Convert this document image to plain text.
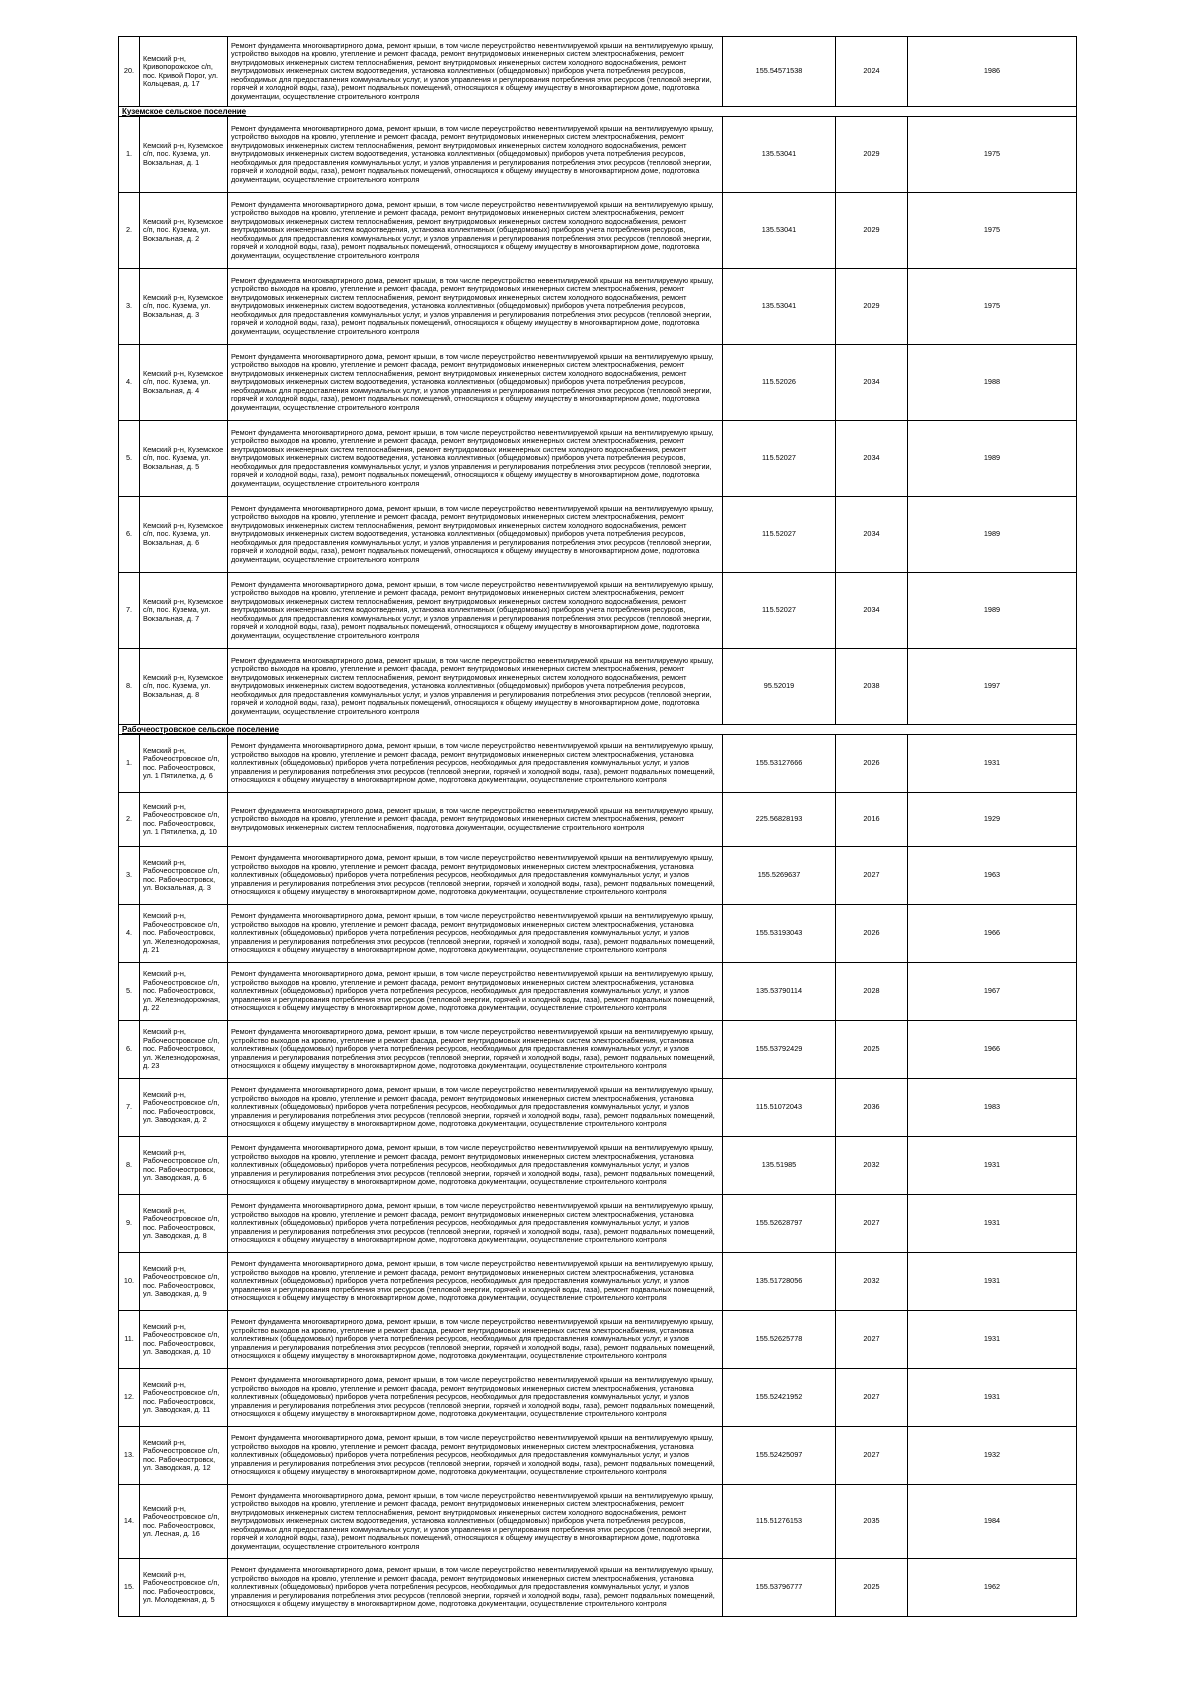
20.	Кемский р-н, Кривопорожское с/п, пос. Кривой Порог, ул. Кольцевая, д. 17	Ремонт фундамента многоквартирного дома, ремонт крыши, в том числе переустройство невентилируемой крыши на вентилируемую крышу, устройство выходов на кровлю, утепление и ремонт фасада, ремонт внутридомовых инженерных систем электроснабжения, ремонт внутридомовых инженерных систем теплоснабжения, ремонт внутридомовых инженерных систем холодного водоснабжения, ремонт внутридомовых инженерных систем водоотведения, установка коллективных (общедомовых) приборов учета потребления ресурсов, необходимых для предоставления коммунальных услуг, и узлов управления и регулирования потребления этих ресурсов (тепловой энергии, горячей и холодной воды, газа), ремонт подвальных помещений, относящихся к общему имуществу в многоквартирном доме, подготовка документации, осуществление строительного контроля	155.54571538	2024	1986
Куземское сельское поселение					
1.	Кемский р-н, Куземское с/п, пос. Кузема, ул. Вокзальная, д. 1	Ремонт фундамента многоквартирного дома, ремонт крыши, в том числе переустройство невентилируемой крыши на вентилируемую крышу, устройство выходов на кровлю, утепление и ремонт фасада, ремонт внутридомовых инженерных систем электроснабжения, ремонт внутридомовых инженерных систем теплоснабжения, ремонт внутридомовых инженерных систем холодного водоснабжения, ремонт внутридомовых инженерных систем водоотведения, установка коллективных (общедомовых) приборов учета потребления ресурсов, необходимых для предоставления коммунальных услуг, и узлов управления и регулирования потребления этих ресурсов (тепловой энергии, горячей и холодной воды, газа), ремонт подвальных помещений, относящихся к общему имуществу в многоквартирном доме, подготовка документации, осуществление строительного контроля	135.53041	2029	1975
2.	Кемский р-н, Куземское с/п, пос. Кузема, ул. Вокзальная, д. 2	Ремонт фундамента многоквартирного дома, ремонт крыши, в том числе переустройство невентилируемой крыши на вентилируемую крышу, устройство выходов на кровлю, утепление и ремонт фасада, ремонт внутридомовых инженерных систем электроснабжения, ремонт внутридомовых инженерных систем теплоснабжения, ремонт внутридомовых инженерных систем холодного водоснабжения, ремонт внутридомовых инженерных систем водоотведения, установка коллективных (общедомовых) приборов учета потребления ресурсов, необходимых для предоставления коммунальных услуг, и узлов управления и регулирования потребления этих ресурсов (тепловой энергии, горячей и холодной воды, газа), ремонт подвальных помещений, относящихся к общему имуществу в многоквартирном доме, подготовка документации, осуществление строительного контроля	135.53041	2029	1975
3.	Кемский р-н, Куземское с/п, пос. Кузема, ул. Вокзальная, д. 3	Ремонт фундамента многоквартирного дома, ремонт крыши, в том числе переустройство невентилируемой крыши на вентилируемую крышу, устройство выходов на кровлю, утепление и ремонт фасада, ремонт внутридомовых инженерных систем электроснабжения, ремонт внутридомовых инженерных систем теплоснабжения, ремонт внутридомовых инженерных систем холодного водоснабжения, ремонт внутридомовых инженерных систем водоотведения, установка коллективных (общедомовых) приборов учета потребления ресурсов, необходимых для предоставления коммунальных услуг, и узлов управления и регулирования потребления этих ресурсов (тепловой энергии, горячей и холодной воды, газа), ремонт подвальных помещений, относящихся к общему имуществу в многоквартирном доме, подготовка документации, осуществление строительного контроля	135.53041	2029	1975
4.	Кемский р-н, Куземское с/п, пос. Кузема, ул. Вокзальная, д. 4	Ремонт фундамента многоквартирного дома, ремонт крыши, в том числе переустройство невентилируемой крыши на вентилируемую крышу, устройство выходов на кровлю, утепление и ремонт фасада, ремонт внутридомовых инженерных систем электроснабжения, ремонт внутридомовых инженерных систем теплоснабжения, ремонт внутридомовых инженерных систем холодного водоснабжения, ремонт внутридомовых инженерных систем водоотведения, установка коллективных (общедомовых) приборов учета потребления ресурсов, необходимых для предоставления коммунальных услуг, и узлов управления и регулирования потребления этих ресурсов (тепловой энергии, горячей и холодной воды, газа), ремонт подвальных помещений, относящихся к общему имуществу в многоквартирном доме, подготовка документации, осуществление строительного контроля	115.52026	2034	1988
5.	Кемский р-н, Куземское с/п, пос. Кузема, ул. Вокзальная, д. 5	Ремонт фундамента многоквартирного дома, ремонт крыши, в том числе переустройство невентилируемой крыши на вентилируемую крышу, устройство выходов на кровлю, утепление и ремонт фасада, ремонт внутридомовых инженерных систем электроснабжения, ремонт внутридомовых инженерных систем теплоснабжения, ремонт внутридомовых инженерных систем холодного водоснабжения, ремонт внутридомовых инженерных систем водоотведения, установка коллективных (общедомовых) приборов учета потребления ресурсов, необходимых для предоставления коммунальных услуг, и узлов управления и регулирования потребления этих ресурсов (тепловой энергии, горячей и холодной воды, газа), ремонт подвальных помещений, относящихся к общему имуществу в многоквартирном доме, подготовка документации, осуществление строительного контроля	115.52027	2034	1989
6.	Кемский р-н, Куземское с/п, пос. Кузема, ул. Вокзальная, д. 6	Ремонт фундамента многоквартирного дома, ремонт крыши, в том числе переустройство невентилируемой крыши на вентилируемую крышу, устройство выходов на кровлю, утепление и ремонт фасада, ремонт внутридомовых инженерных систем электроснабжения, ремонт внутридомовых инженерных систем теплоснабжения, ремонт внутридомовых инженерных систем холодного водоснабжения, ремонт внутридомовых инженерных систем водоотведения, установка коллективных (общедомовых) приборов учета потребления ресурсов, необходимых для предоставления коммунальных услуг, и узлов управления и регулирования потребления этих ресурсов (тепловой энергии, горячей и холодной воды, газа), ремонт подвальных помещений, относящихся к общему имуществу в многоквартирном доме, подготовка документации, осуществление строительного контроля	115.52027	2034	1989
7.	Кемский р-н, Куземское с/п, пос. Кузема, ул. Вокзальная, д. 7	Ремонт фундамента многоквартирного дома, ремонт крыши, в том числе переустройство невентилируемой крыши на вентилируемую крышу, устройство выходов на кровлю, утепление и ремонт фасада, ремонт внутридомовых инженерных систем электроснабжения, ремонт внутридомовых инженерных систем теплоснабжения, ремонт внутридомовых инженерных систем холодного водоснабжения, ремонт внутридомовых инженерных систем водоотведения, установка коллективных (общедомовых) приборов учета потребления ресурсов, необходимых для предоставления коммунальных услуг, и узлов управления и регулирования потребления этих ресурсов (тепловой энергии, горячей и холодной воды, газа), ремонт подвальных помещений, относящихся к общему имуществу в многоквартирном доме, подготовка документации, осуществление строительного контроля	115.52027	2034	1989
8.	Кемский р-н, Куземское с/п, пос. Кузема, ул. Вокзальная, д. 8	Ремонт фундамента многоквартирного дома, ремонт крыши, в том числе переустройство невентилируемой крыши на вентилируемую крышу, устройство выходов на кровлю, утепление и ремонт фасада, ремонт внутридомовых инженерных систем электроснабжения, ремонт внутридомовых инженерных систем теплоснабжения, ремонт внутридомовых инженерных систем холодного водоснабжения, ремонт внутридомовых инженерных систем водоотведения, установка коллективных (общедомовых) приборов учета потребления ресурсов, необходимых для предоставления коммунальных услуг, и узлов управления и регулирования потребления этих ресурсов (тепловой энергии, горячей и холодной воды, газа), ремонт подвальных помещений, относящихся к общему имуществу в многоквартирном доме, подготовка документации, осуществление строительного контроля	95.52019	2038	1997
Рабочеостровское сельское поселение					
1.	Кемский р-н, Рабочеостровское с/п, пос. Рабочеостровск, ул. 1 Пятилетка, д. 6	Ремонт фундамента многоквартирного дома, ремонт крыши, в том числе переустройство невентилируемой крыши на вентилируемую крышу, устройство выходов на кровлю, утепление и ремонт фасада, ремонт внутридомовых инженерных систем электроснабжения, установка коллективных (общедомовых) приборов учета потребления ресурсов, необходимых для предоставления коммунальных услуг, и узлов управления и регулирования потребления этих ресурсов (тепловой энергии, горячей и холодной воды, газа), ремонт подвальных помещений, относящихся к общему имуществу в многоквартирном доме, подготовка документации, осуществление строительного контроля	155.53127666	2026	1931
2.	Кемский р-н, Рабочеостровское с/п, пос. Рабочеостровск, ул. 1 Пятилетка, д. 10	Ремонт фундамента многоквартирного дома, ремонт крыши, в том числе переустройство невентилируемой крыши на вентилируемую крышу, устройство выходов на кровлю, утепление и ремонт фасада, ремонт внутридомовых инженерных систем электроснабжения, ремонт внутридомовых инженерных систем теплоснабжения, подготовка документации, осуществление строительного контроля	225.56828193	2016	1929
3.	Кемский р-н, Рабочеостровское с/п, пос. Рабочеостровск, ул. Вокзальная, д. 3	Ремонт фундамента многоквартирного дома, ремонт крыши, в том числе переустройство невентилируемой крыши на вентилируемую крышу, устройство выходов на кровлю, утепление и ремонт фасада, ремонт внутридомовых инженерных систем электроснабжения, установка коллективных (общедомовых) приборов учета потребления ресурсов, необходимых для предоставления коммунальных услуг, и узлов управления и регулирования потребления этих ресурсов (тепловой энергии, горячей и холодной воды, газа), ремонт подвальных помещений, относящихся к общему имуществу в многоквартирном доме, подготовка документации, осуществление строительного контроля	155.5269637	2027	1963
4.	Кемский р-н, Рабочеостровское с/п, пос. Рабочеостровск, ул. Железнодорожная, д. 21	Ремонт фундамента многоквартирного дома, ремонт крыши, в том числе переустройство невентилируемой крыши на вентилируемую крышу, устройство выходов на кровлю, утепление и ремонт фасада, ремонт внутридомовых инженерных систем электроснабжения, установка коллективных (общедомовых) приборов учета потребления ресурсов, необходимых для предоставления коммунальных услуг, и узлов управления и регулирования потребления этих ресурсов (тепловой энергии, горячей и холодной воды, газа), ремонт подвальных помещений, относящихся к общему имуществу в многоквартирном доме, подготовка документации, осуществление строительного контроля	155.53193043	2026	1966
5.	Кемский р-н, Рабочеостровское с/п, пос. Рабочеостровск, ул. Железнодорожная, д. 22	Ремонт фундамента многоквартирного дома, ремонт крыши, в том числе переустройство невентилируемой крыши на вентилируемую крышу, устройство выходов на кровлю, утепление и ремонт фасада, ремонт внутридомовых инженерных систем электроснабжения, установка коллективных (общедомовых) приборов учета потребления ресурсов, необходимых для предоставления коммунальных услуг, и узлов управления и регулирования потребления этих ресурсов (тепловой энергии, горячей и холодной воды, газа), ремонт подвальных помещений, относящихся к общему имуществу в многоквартирном доме, подготовка документации, осуществление строительного контроля	135.53790114	2028	1967
6.	Кемский р-н, Рабочеостровское с/п, пос. Рабочеостровск, ул. Железнодорожная, д. 23	Ремонт фундамента многоквартирного дома, ремонт крыши, в том числе переустройство невентилируемой крыши на вентилируемую крышу, устройство выходов на кровлю, утепление и ремонт фасада, ремонт внутридомовых инженерных систем электроснабжения, установка коллективных (общедомовых) приборов учета потребления ресурсов, необходимых для предоставления коммунальных услуг, и узлов управления и регулирования потребления этих ресурсов (тепловой энергии, горячей и холодной воды, газа), ремонт подвальных помещений, относящихся к общему имуществу в многоквартирном доме, подготовка документации, осуществление строительного контроля	155.53792429	2025	1966
7.	Кемский р-н, Рабочеостровское с/п, пос. Рабочеостровск, ул. Заводская, д. 2	Ремонт фундамента многоквартирного дома, ремонт крыши, в том числе переустройство невентилируемой крыши на вентилируемую крышу, устройство выходов на кровлю, утепление и ремонт фасада, ремонт внутридомовых инженерных систем электроснабжения, установка коллективных (общедомовых) приборов учета потребления ресурсов, необходимых для предоставления коммунальных услуг, и узлов управления и регулирования потребления этих ресурсов (тепловой энергии, горячей и холодной воды, газа), ремонт подвальных помещений, относящихся к общему имуществу в многоквартирном доме, подготовка документации, осуществление строительного контроля	115.51072043	2036	1983
8.	Кемский р-н, Рабочеостровское с/п, пос. Рабочеостровск, ул. Заводская, д. 6	Ремонт фундамента многоквартирного дома, ремонт крыши, в том числе переустройство невентилируемой крыши на вентилируемую крышу, устройство выходов на кровлю, утепление и ремонт фасада, ремонт внутридомовых инженерных систем электроснабжения, установка коллективных (общедомовых) приборов учета потребления ресурсов, необходимых для предоставления коммунальных услуг, и узлов управления и регулирования потребления этих ресурсов (тепловой энергии, горячей и холодной воды, газа), ремонт подвальных помещений, относящихся к общему имуществу в многоквартирном доме, подготовка документации, осуществление строительного контроля	135.51985	2032	1931
9.	Кемский р-н, Рабочеостровское с/п, пос. Рабочеостровск, ул. Заводская, д. 8	Ремонт фундамента многоквартирного дома, ремонт крыши, в том числе переустройство невентилируемой крыши на вентилируемую крышу, устройство выходов на кровлю, утепление и ремонт фасада, ремонт внутридомовых инженерных систем электроснабжения, установка коллективных (общедомовых) приборов учета потребления ресурсов, необходимых для предоставления коммунальных услуг, и узлов управления и регулирования потребления этих ресурсов (тепловой энергии, горячей и холодной воды, газа), ремонт подвальных помещений, относящихся к общему имуществу в многоквартирном доме, подготовка документации, осуществление строительного контроля	155.52628797	2027	1931
10.	Кемский р-н, Рабочеостровское с/п, пос. Рабочеостровск, ул. Заводская, д. 9	Ремонт фундамента многоквартирного дома, ремонт крыши, в том числе переустройство невентилируемой крыши на вентилируемую крышу, устройство выходов на кровлю, утепление и ремонт фасада, ремонт внутридомовых инженерных систем электроснабжения, установка коллективных (общедомовых) приборов учета потребления ресурсов, необходимых для предоставления коммунальных услуг, и узлов управления и регулирования потребления этих ресурсов (тепловой энергии, горячей и холодной воды, газа), ремонт подвальных помещений, относящихся к общему имуществу в многоквартирном доме, подготовка документации, осуществление строительного контроля	135.51728056	2032	1931
11.	Кемский р-н, Рабочеостровское с/п, пос. Рабочеостровск, ул. Заводская, д. 10	Ремонт фундамента многоквартирного дома, ремонт крыши, в том числе переустройство невентилируемой крыши на вентилируемую крышу, устройство выходов на кровлю, утепление и ремонт фасада, ремонт внутридомовых инженерных систем электроснабжения, установка коллективных (общедомовых) приборов учета потребления ресурсов, необходимых для предоставления коммунальных услуг, и узлов управления и регулирования потребления этих ресурсов (тепловой энергии, горячей и холодной воды, газа), ремонт подвальных помещений, относящихся к общему имуществу в многоквартирном доме, подготовка документации, осуществление строительного контроля	155.52625778	2027	1931
12.	Кемский р-н, Рабочеостровское с/п, пос. Рабочеостровск, ул. Заводская, д. 11	Ремонт фундамента многоквартирного дома, ремонт крыши, в том числе переустройство невентилируемой крыши на вентилируемую крышу, устройство выходов на кровлю, утепление и ремонт фасада, ремонт внутридомовых инженерных систем электроснабжения, установка коллективных (общедомовых) приборов учета потребления ресурсов, необходимых для предоставления коммунальных услуг, и узлов управления и регулирования потребления этих ресурсов (тепловой энергии, горячей и холодной воды, газа), ремонт подвальных помещений, относящихся к общему имуществу в многоквартирном доме, подготовка документации, осуществление строительного контроля	155.52421952	2027	1931
13.	Кемский р-н, Рабочеостровское с/п, пос. Рабочеостровск, ул. Заводская, д. 12	Ремонт фундамента многоквартирного дома, ремонт крыши, в том числе переустройство невентилируемой крыши на вентилируемую крышу, устройство выходов на кровлю, утепление и ремонт фасада, ремонт внутридомовых инженерных систем электроснабжения, установка коллективных (общедомовых) приборов учета потребления ресурсов, необходимых для предоставления коммунальных услуг, и узлов управления и регулирования потребления этих ресурсов (тепловой энергии, горячей и холодной воды, газа), ремонт подвальных помещений, относящихся к общему имуществу в многоквартирном доме, подготовка документации, осуществление строительного контроля	155.52425097	2027	1932
14.	Кемский р-н, Рабочеостровское с/п, пос. Рабочеостровск, ул. Лесная, д. 16	Ремонт фундамента многоквартирного дома, ремонт крыши, в том числе переустройство невентилируемой крыши на вентилируемую крышу, устройство выходов на кровлю, утепление и ремонт фасада, ремонт внутридомовых инженерных систем электроснабжения, ремонт внутридомовых инженерных систем теплоснабжения, ремонт внутридомовых инженерных систем холодного водоснабжения, ремонт внутридомовых инженерных систем водоотведения, установка коллективных (общедомовых) приборов учета потребления ресурсов, необходимых для предоставления коммунальных услуг, и узлов управления и регулирования потребления этих ресурсов (тепловой энергии, горячей и холодной воды, газа), ремонт подвальных помещений, относящихся к общему имуществу в многоквартирном доме, подготовка документации, осуществление строительного контроля	115.51276153	2035	1984
15.	Кемский р-н, Рабочеостровское с/п, пос. Рабочеостровск, ул. Молодежная, д. 5	Ремонт фундамента многоквартирного дома, ремонт крыши, в том числе переустройство невентилируемой крыши на вентилируемую крышу, устройство выходов на кровлю, утепление и ремонт фасада, ремонт внутридомовых инженерных систем электроснабжения, установка коллективных (общедомовых) приборов учета потребления ресурсов, необходимых для предоставления коммунальных услуг, и узлов управления и регулирования потребления этих ресурсов (тепловой энергии, горячей и холодной воды, газа), ремонт подвальных помещений, относящихся к общему имуществу в многоквартирном доме, подготовка документации, осуществление строительного контроля	155.53796777	2025	1962
